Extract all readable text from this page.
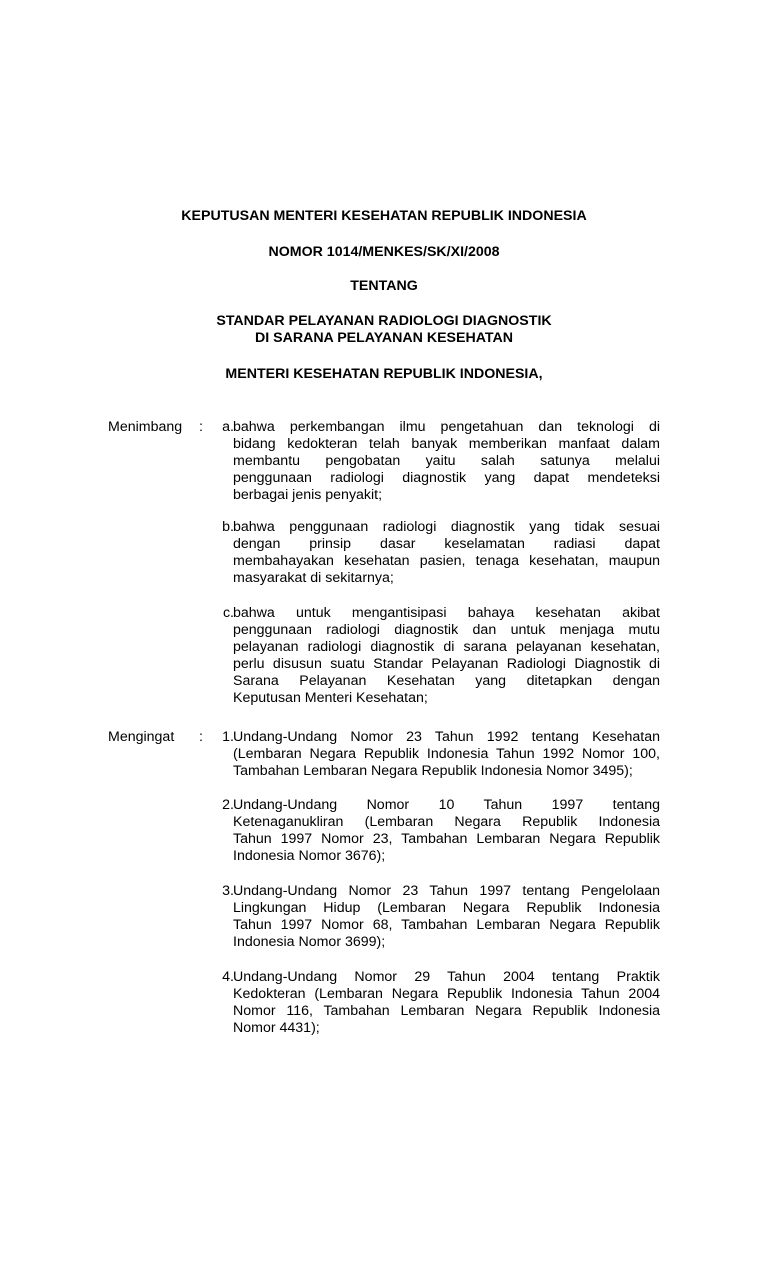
KEPUTUSAN MENTERI KESEHATAN REPUBLIK INDONESIA

NOMOR 1014/MENKES/SK/XI/2008

TENTANG

STANDAR PELAYANAN RADIOLOGI DIAGNOSTIK
DI SARANA PELAYANAN KESEHATAN

MENTERI KESEHATAN REPUBLIK INDONESIA,

Menimbang : a. bahwa perkembangan ilmu pengetahuan dan teknologi di
bidang kedokteran telah banyak memberikan manfaat dalam
membantu pengobatan yaitu salah satunya melalui
penggunaan radiologi diagnostik yang dapat mendeteksi
berbagai jenis penyakit;
b. bahwa penggunaan radiologi diagnostik yang tidak sesuai
dengan prinsip dasar keselamatan radiasi dapat
membahayakan kesehatan pasien, tenaga kesehatan, maupun
masyarakat di sekitarnya;
c. bahwa untuk mengantisipasi bahaya kesehatan akibat
penggunaan radiologi diagnostik dan untuk menjaga mutu
pelayanan radiologi diagnostik di sarana pelayanan kesehatan,
perlu disusun suatu Standar Pelayanan Radiologi Diagnostik di
Sarana Pelayanan Kesehatan yang ditetapkan dengan
Keputusan Menteri Kesehatan;
Mengingat : 1. Undang-Undang Nomor 23 Tahun 1992 tentang Kesehatan
(Lembaran Negara Republik Indonesia Tahun 1992 Nomor 100,
Tambahan Lembaran Negara Republik Indonesia Nomor 3495);
2. Undang-Undang Nomor 10 Tahun 1997 tentang
Ketenaganukliran (Lembaran Negara Republik Indonesia
Tahun 1997 Nomor 23, Tambahan Lembaran Negara Republik
Indonesia Nomor 3676);
3. Undang-Undang Nomor 23 Tahun 1997 tentang Pengelolaan
Lingkungan Hidup (Lembaran Negara Republik Indonesia
Tahun 1997 Nomor 68, Tambahan Lembaran Negara Republik
Indonesia Nomor 3699);
4. Undang-Undang Nomor 29 Tahun 2004 tentang Praktik
Kedokteran (Lembaran Negara Republik Indonesia Tahun 2004
Nomor 116, Tambahan Lembaran Negara Republik Indonesia
Nomor 4431);
